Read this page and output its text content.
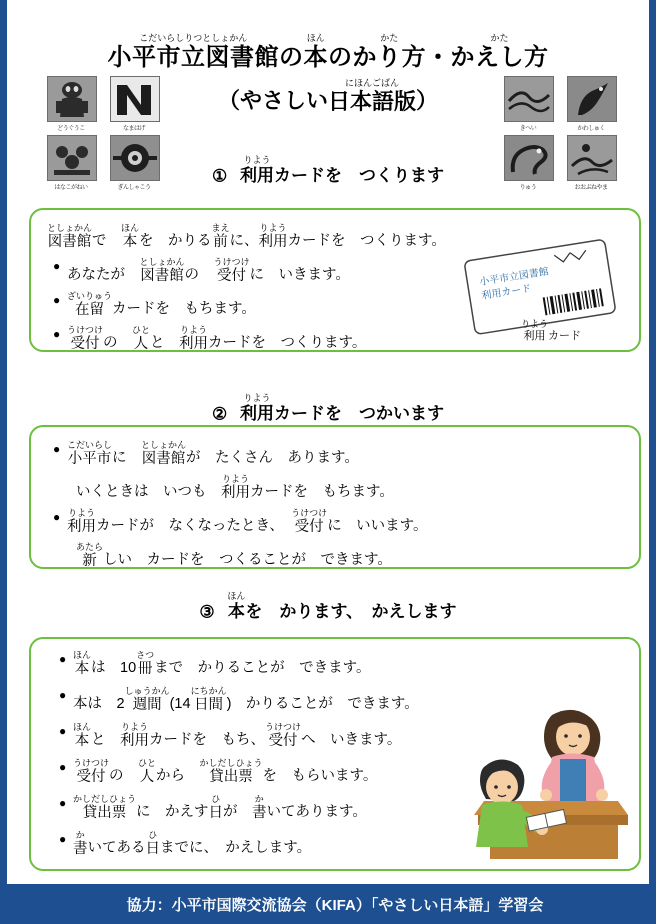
こだいらしりつとしょかん
小平市立図書館 の
ほん
本 の
かた
かり方 ・
かた
かえし方
（やさしい
にほんごばん
日本語版 ）
どうぐうこ	なまはげ
はなこがねい	ぎんしゃこう
きへい	かわしゅく
りゅう	おおぶねやま
①
りよう
利用 カードを　つくります
としょかん
図書館 で　
ほん
本 を　かりる
まえ
前 に、
りよう
利用 カードを　つくります。
●あなたが　
としょかん
図書館 の　
うけつけ
受付 に　いきます。
● ざいりゅう
在留 カードを　もちます。
● うけつけ
受付 の　
ひと
人 と　
りよう
利用 カードを　つくります。
小平市立図書館
利用カード
りよう
利用 カード
②
りよう
利用 カードを　つかいます
● こだいらし
小平市 に　
としょかん
図書館 が　たくさん　あります。
いくときは　いつも　
りよう
利用 カードを　もちます。
● りよう
利用 カードが　なくなったとき、　
うけつけ
受付 に　いいます。
あたら
新 しい　カードを　つくることが　できます。
③
ほん
本 を　かります、　かえします
● ほん
本 は　10
さつ
冊 まで　かりることが　できます。
●本は　2
しゅうかん
週間 (14
にちかん
日間 )　かりることが　できます。
● ほん
本 と　
りよう
利用 カードを　もち、
うけつけ
受付 へ　いきます。
● うけつけ
受付 の　
ひと
人 から　
かしだしひょう
貸出票 を　もらいます。
● かしだしひょう
貸出票 に　かえす
ひ
日 が　
か
書 いてあります。
●	か
書 いてある
ひ
日 までに、　かえします。
協力：小平市国際交流協会（KIFA）「やさしい日本語」学習会
